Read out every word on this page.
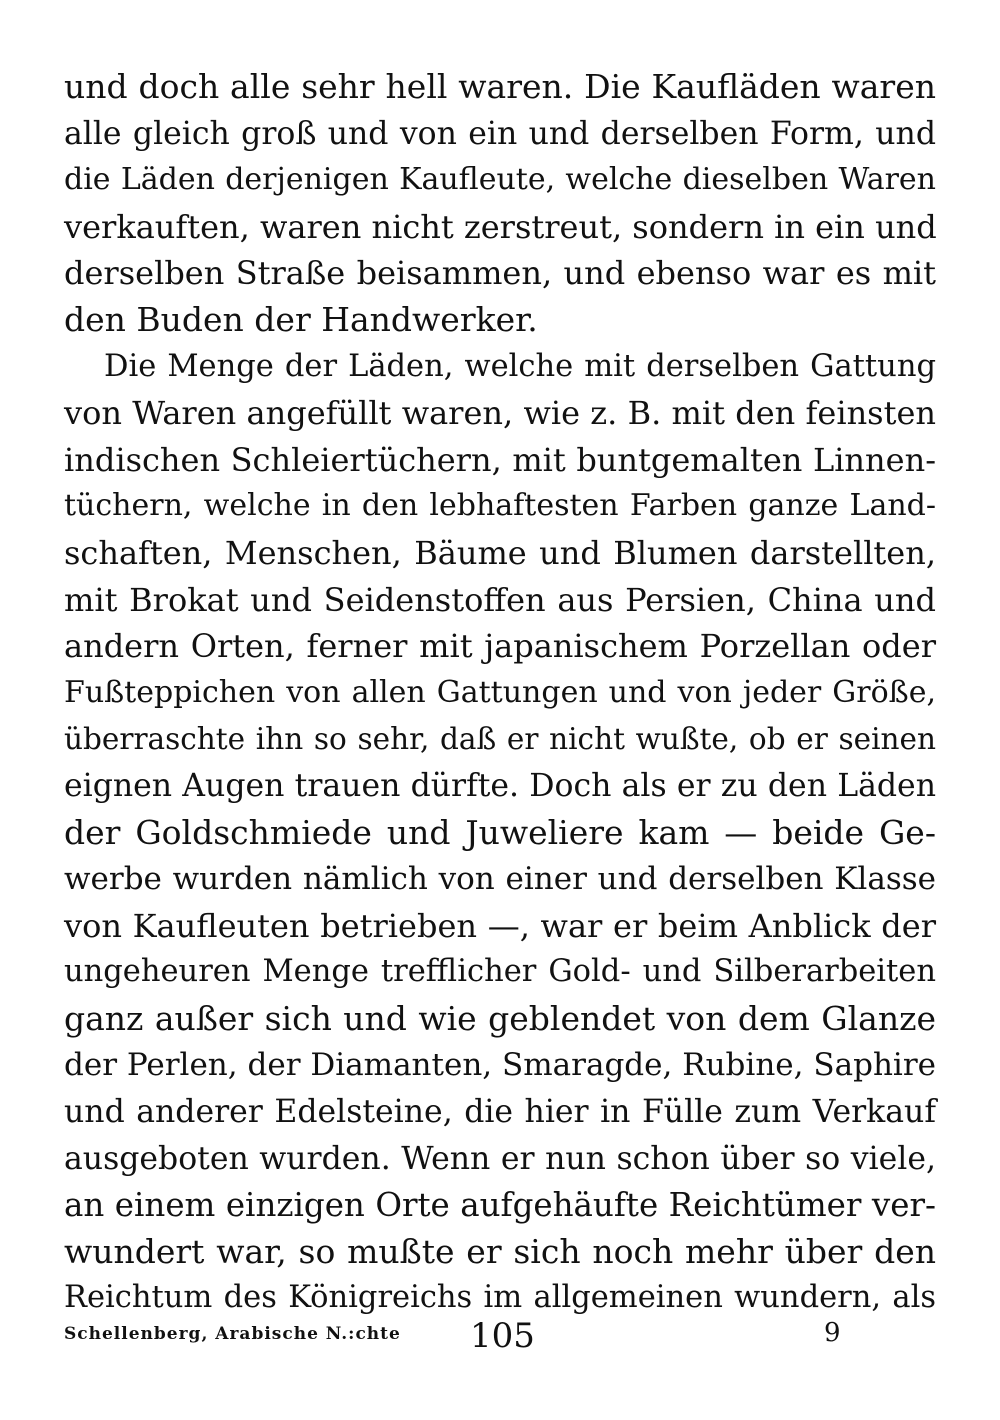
und doch alle sehr hell waren. Die Kaufläden waren
alle gleich groß und von ein und derselben Form, und
die Läden derjenigen Kaufleute, welche dieselben Waren
verkauften, waren nicht zerstreut, sondern in ein und
derselben Straße beisammen, und ebenso war es mit
den Buden der Handwerker.
Die Menge der Läden, welche mit derselben Gattung
von Waren angefüllt waren, wie z. B. mit den feinsten
indischen Schleiertüchern, mit buntgemalten Linnen-
tüchern, welche in den lebhaftesten Farben ganze Land-
schaften, Menschen, Bäume und Blumen darstellten,
mit Brokat und Seidenstoffen aus Persien, China und
andern Orten, ferner mit japanischem Porzellan oder
Fußteppichen von allen Gattungen und von jeder Größe,
überraschte ihn so sehr, daß er nicht wußte, ob er seinen
eignen Augen trauen dürfte. Doch als er zu den Läden
der Goldschmiede und Juweliere kam — beide Ge-
werbe wurden nämlich von einer und derselben Klasse
von Kaufleuten betrieben —, war er beim Anblick der
ungeheuren Menge trefflicher Gold- und Silberarbeiten
ganz außer sich und wie geblendet von dem Glanze
der Perlen, der Diamanten, Smaragde, Rubine, Saphire
und anderer Edelsteine, die hier in Fülle zum Verkauf
ausgeboten wurden. Wenn er nun schon über so viele,
an einem einzigen Orte aufgehäufte Reichtümer ver-
wundert war, so mußte er sich noch mehr über den
Reichtum des Königreichs im allgemeinen wundern, als
Schellenberg, Arabische N.:chte 105	9
